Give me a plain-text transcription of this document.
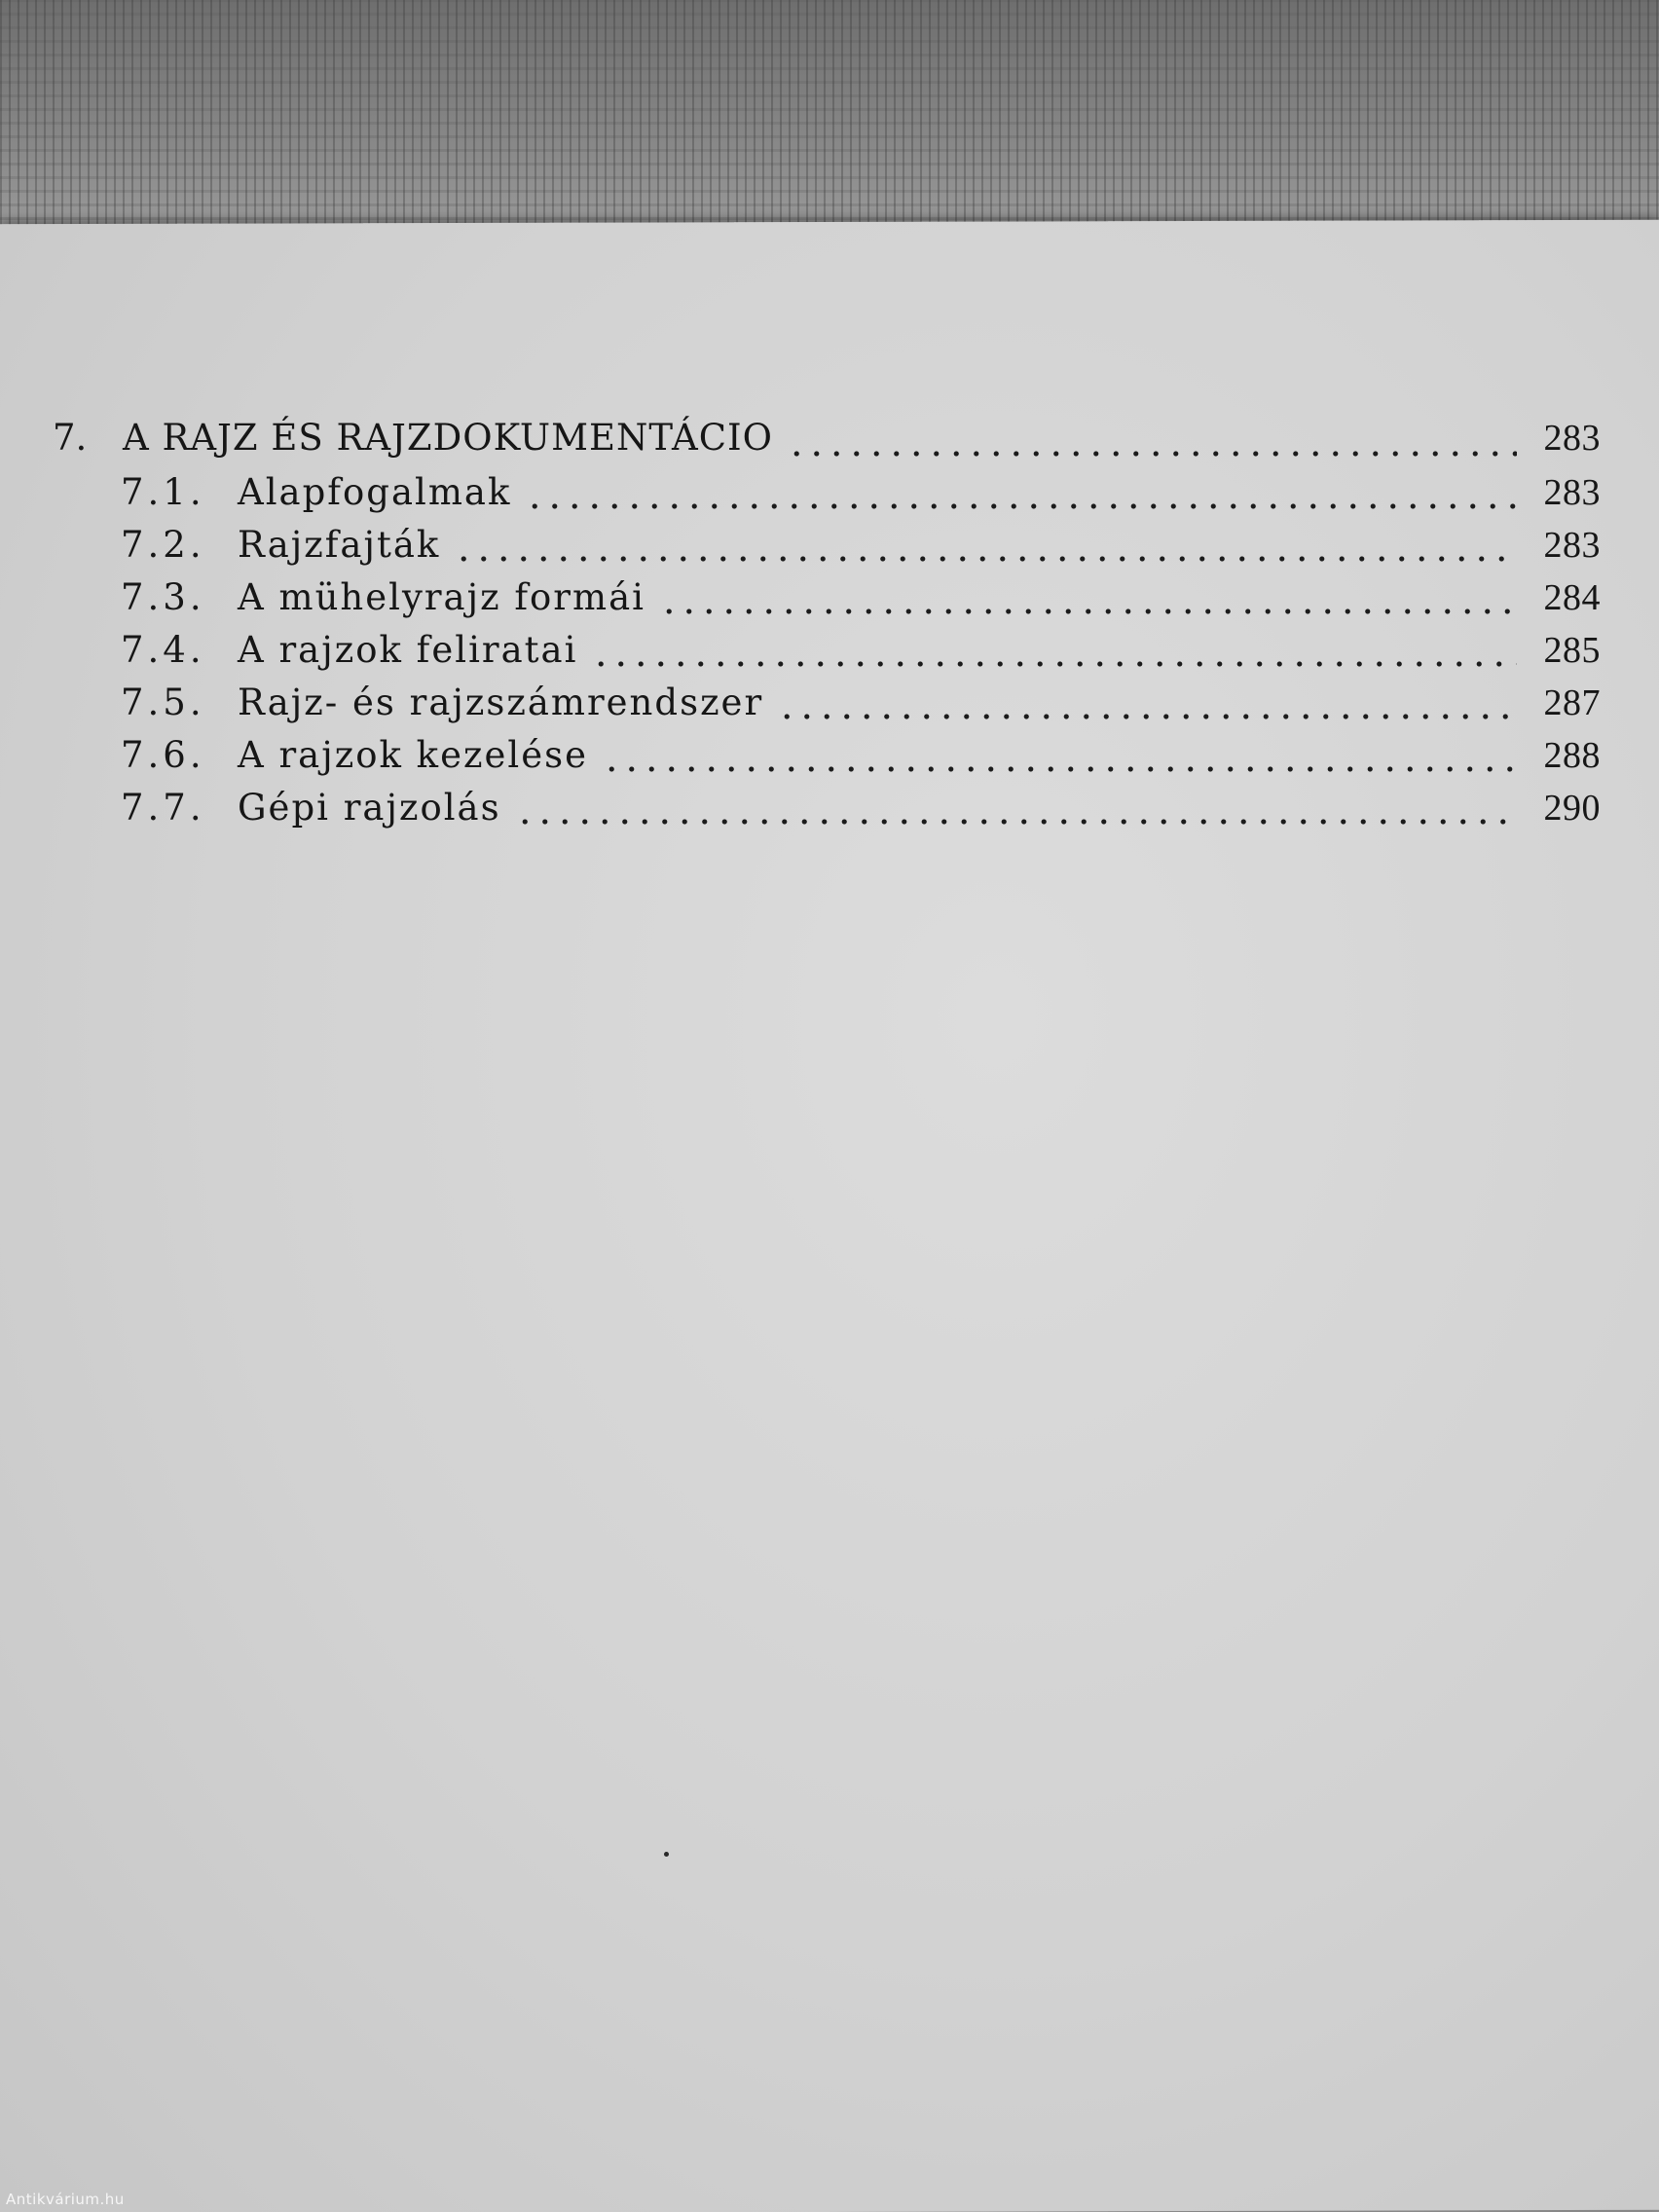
7. A RAJZ ÉS RAJZDOKUMENTÁCIO	283
7.1. Alapfogalmak	283
7.2. Rajzfajták	283
7.3. A mühelyrajz formái	284
7.4. A rajzok feliratai	285
7.5. Rajz- és rajzszámrendszer	287
7.6. A rajzok kezelése	288
7.7. Gépi rajzolás	290
Antikvárium.hu
